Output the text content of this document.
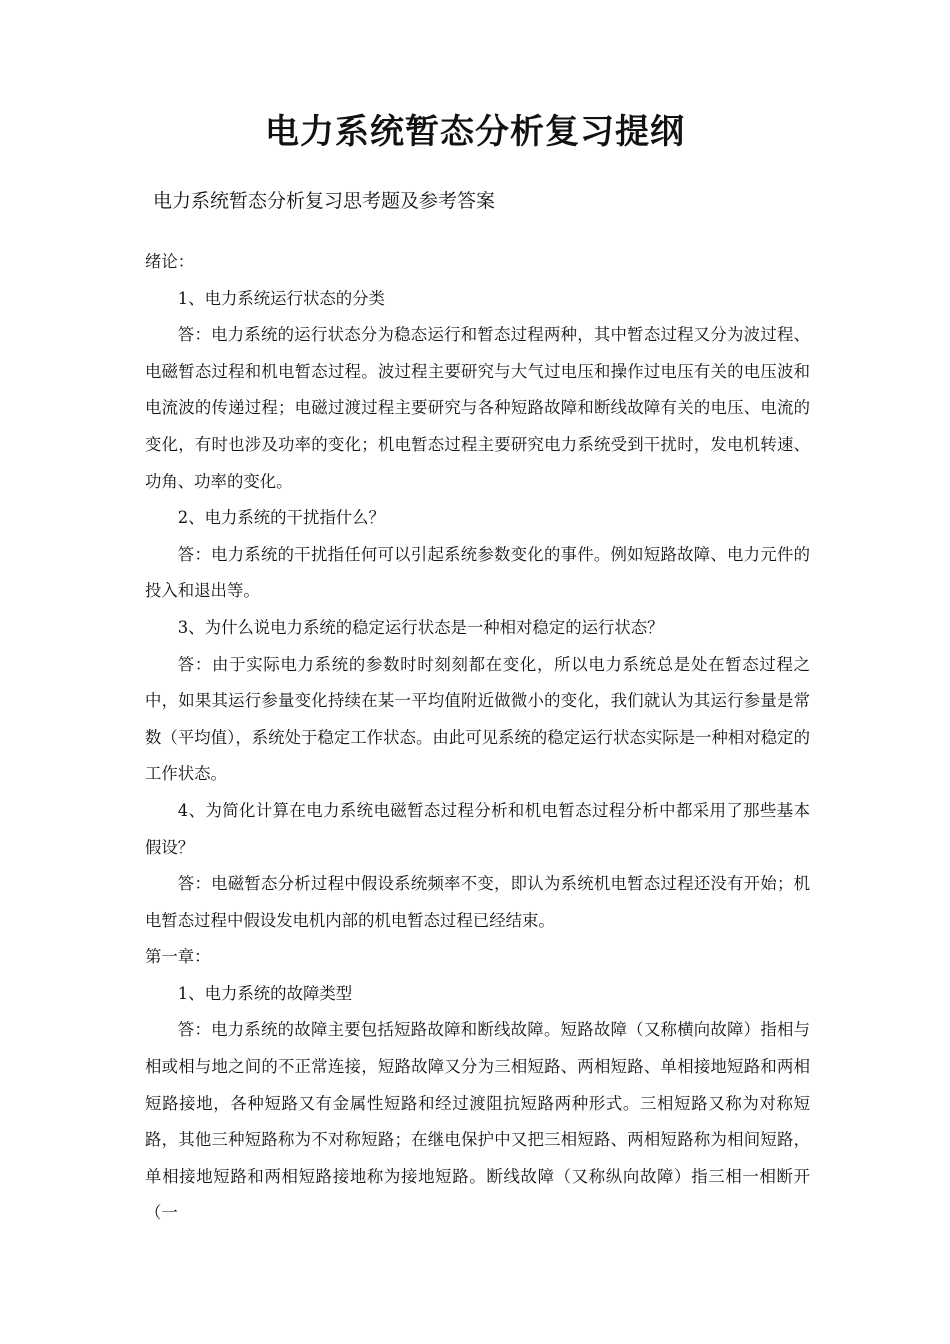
电力系统暂态分析复习提纲

电力系统暂态分析复习思考题及参考答案

绪论：

1、电力系统运行状态的分类

答：电力系统的运行状态分为稳态运行和暂态过程两种，其中暂态过程又分为波过程、电磁暂态过程和机电暂态过程。波过程主要研究与大气过电压和操作过电压有关的电压波和电流波的传递过程；电磁过渡过程主要研究与各种短路故障和断线故障有关的电压、电流的变化，有时也涉及功率的变化；机电暂态过程主要研究电力系统受到干扰时，发电机转速、功角、功率的变化。

2、电力系统的干扰指什么？

答：电力系统的干扰指任何可以引起系统参数变化的事件。例如短路故障、电力元件的投入和退出等。

3、为什么说电力系统的稳定运行状态是一种相对稳定的运行状态？

答：由于实际电力系统的参数时时刻刻都在变化，所以电力系统总是处在暂态过程之中，如果其运行参量变化持续在某一平均值附近做微小的变化，我们就认为其运行参量是常数（平均值），系统处于稳定工作状态。由此可见系统的稳定运行状态实际是一种相对稳定的工作状态。

4、为简化计算在电力系统电磁暂态过程分析和机电暂态过程分析中都采用了那些基本假设？

答：电磁暂态分析过程中假设系统频率不变，即认为系统机电暂态过程还没有开始；机电暂态过程中假设发电机内部的机电暂态过程已经结束。

第一章：

1、电力系统的故障类型

答：电力系统的故障主要包括短路故障和断线故障。短路故障（又称横向故障）指相与相或相与地之间的不正常连接，短路故障又分为三相短路、两相短路、单相接地短路和两相短路接地，各种短路又有金属性短路和经过渡阻抗短路两种形式。三相短路又称为对称短路，其他三种短路称为不对称短路；在继电保护中又把三相短路、两相短路称为相间短路，单相接地短路和两相短路接地称为接地短路。断线故障（又称纵向故障）指三相一相断开（一
